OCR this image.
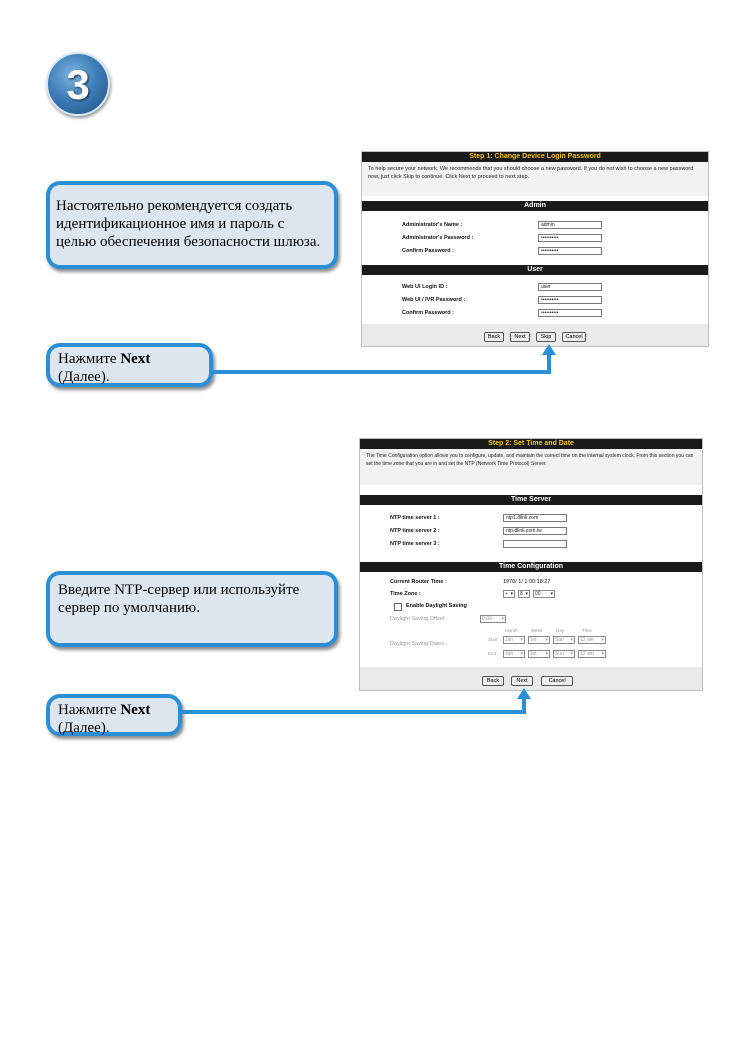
3
Настоятельно рекомендуется создать идентификационное имя и пароль с целью обеспечения безопасности шлюза.
Step 1: Change Device Login Password
To help secure your network, We recommends that you should choose a new password. If you do not wish to choose a new password now, just click Skip to continue. Click Next to proceed to next step.
Admin
Administrator's Name :	admin
Administrator's Password :	••••••••••
Confirm Password :	••••••••••
User
Web UI Login ID :	user
Web UI / IVR Password :	••••••••••
Confirm Password :	••••••••••
Back	Next	Skip	Cancel
Нажмите Next
(Далее).
Step 2: Set Time and Date
The Time Configuration option allows you to configure, update, and maintain the correct time on the internal system clock. From this section you can set the time zone that you are in and set the NTP (Network Time Protocol) Server.
Time Server
NTP time server 1 :	ntp1.dlink.com
NTP time server 2 :	ntp.dlink.com.tw
NTP time server 3 :
Time Configuration
Current Router Time :	1970/ 1/ 1 00:18:27
Time Zone :	+ ▾	8 ▾	00 ▾
Enable Daylight Saving
Daylight Saving Offset:	0:00 ▾
Month	Week	Day	Time
Daylight Saving Dates :
Start	Jan ▾	1st ▾	Sun ▾	12 am ▾
End	Jan ▾	1st ▾	Sun ▾	12 am ▾
Back	Next	Cancel
Введите NTP-сервер или используйте сервер по умолчанию.
Нажмите Next
(Далее).
